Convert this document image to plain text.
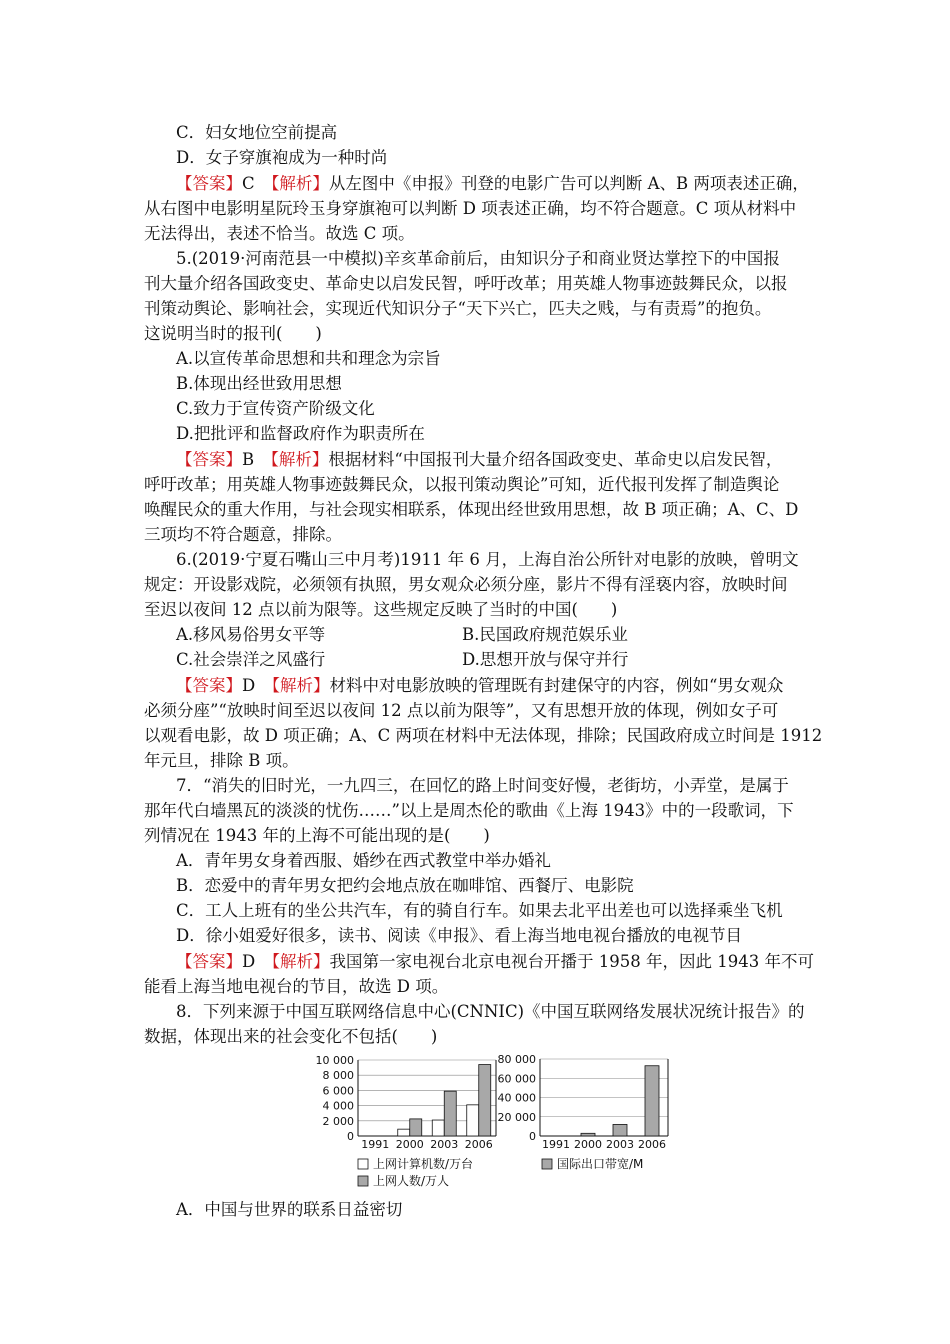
C．妇女地位空前提高
D．女子穿旗袍成为一种时尚
【答案】C　 【解析】从左图中《申报》刊登的电影广告可以判断 A、B 两项表述正确，
从右图中电影明星阮玲玉身穿旗袍可以判断 D 项表述正确，均不符合题意。C 项从材料中
无法得出，表述不恰当。故选 C 项。
5.(2019·河南范县一中模拟)辛亥革命前后，由知识分子和商业贤达掌控下的中国报
刊大量介绍各国政变史、革命史以启发民智，呼吁改革；用英雄人物事迹鼓舞民众，以报
刊策动舆论、影响社会，实现近代知识分子“天下兴亡，匹夫之贱，与有责焉”的抱负。
这说明当时的报刊(　　)
A.以宣传革命思想和共和理念为宗旨
B.体现出经世致用思想
C.致力于宣传资产阶级文化
D.把批评和监督政府作为职责所在
【答案】B　 【解析】根据材料“中国报刊大量介绍各国政变史、革命史以启发民智，
呼吁改革；用英雄人物事迹鼓舞民众，以报刊策动舆论”可知，近代报刊发挥了制造舆论
唤醒民众的重大作用，与社会现实相联系，体现出经世致用思想，故 B 项正确；A、C、D
三项均不符合题意，排除。
6.(2019·宁夏石嘴山三中月考)1911 年 6 月，上海自治公所针对电影的放映，曾明文
规定：开设影戏院，必须领有执照，男女观众必须分座，影片不得有淫亵内容，放映时间
至迟以夜间 12 点以前为限等。这些规定反映了当时的中国(　　)
A.移风易俗男女平等	B.民国政府规范娱乐业
C.社会崇洋之风盛行	D.思想开放与保守并行
【答案】D　 【解析】材料中对电影放映的管理既有封建保守的内容，例如“男女观众
必须分座”“放映时间至迟以夜间 12 点以前为限等”，又有思想开放的体现，例如女子可
以观看电影，故 D 项正确；A、C 两项在材料中无法体现，排除；民国政府成立时间是 1912
年元旦，排除 B 项。
7．“消失的旧时光，一九四三，在回忆的路上时间变好慢，老街坊，小弄堂，是属于
那年代白墙黑瓦的淡淡的忧伤……”以上是周杰伦的歌曲《上海 1943》中的一段歌词，下
列情况在 1943 年的上海不可能出现的是(　　)
A．青年男女身着西服、婚纱在西式教堂中举办婚礼
B．恋爱中的青年男女把约会地点放在咖啡馆、西餐厅、电影院
C．工人上班有的坐公共汽车，有的骑自行车。如果去北平出差也可以选择乘坐飞机
D．徐小姐爱好很多，读书、阅读《申报》、看上海当地电视台播放的电视节目
【答案】D　 【解析】我国第一家电视台北京电视台开播于 1958 年，因此 1943 年不可
能看上海当地电视台的节目，故选 D 项。
8．下列来源于中国互联网络信息中心(CNNIC)《中国互联网络发展状况统计报告》的
数据，体现出来的社会变化不包括(　　)
10 000
8 000
6 000
4 000
2 000
0
1991 2000 2003 2006
上网计算机数/万台
上网人数/万人
80 000
60 000
40 000
20 000
0
1991 2000 2003 2006
国际出口带宽/M
A．中国与世界的联系日益密切
